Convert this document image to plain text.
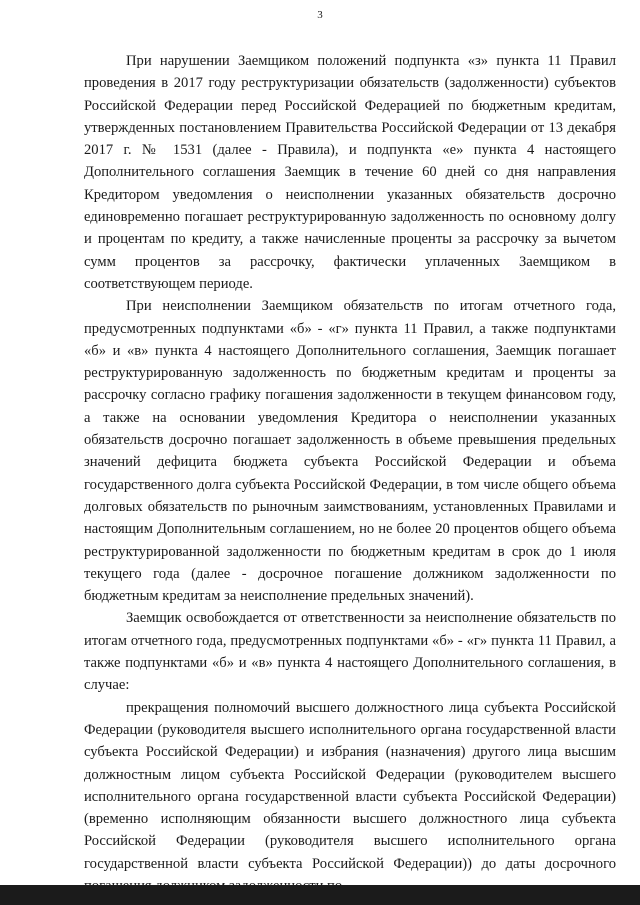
3

При нарушении Заемщиком положений подпункта «з» пункта 11 Правил проведения в 2017 году реструктуризации обязательств (задолженности) субъектов Российской Федерации перед Российской Федерацией по бюджетным кредитам, утвержденных постановлением Правительства Российской Федерации от 13 декабря 2017 г. № 1531 (далее - Правила), и подпункта «е» пункта 4 настоящего Дополнительного соглашения Заемщик в течение 60 дней со дня направления Кредитором уведомления о неисполнении указанных обязательств досрочно единовременно погашает реструктурированную задолженность по основному долгу и процентам по кредиту, а также начисленные проценты за рассрочку за вычетом сумм процентов за рассрочку, фактически уплаченных Заемщиком в соответствующем периоде.

При неисполнении Заемщиком обязательств по итогам отчетного года, предусмотренных подпунктами «б» - «г» пункта 11 Правил, а также подпунктами «б» и «в» пункта 4 настоящего Дополнительного соглашения, Заемщик погашает реструктурированную задолженность по бюджетным кредитам и проценты за рассрочку согласно графику погашения задолженности в текущем финансовом году, а также на основании уведомления Кредитора о неисполнении указанных обязательств досрочно погашает задолженность в объеме превышения предельных значений дефицита бюджета субъекта Российской Федерации и объема государственного долга субъекта Российской Федерации, в том числе общего объема долговых обязательств по рыночным заимствованиям, установленных Правилами и настоящим Дополнительным соглашением, но не более 20 процентов общего объема реструктурированной задолженности по бюджетным кредитам в срок до 1 июля текущего года (далее - досрочное погашение должником задолженности по бюджетным кредитам за неисполнение предельных значений).

Заемщик освобождается от ответственности за неисполнение обязательств по итогам отчетного года, предусмотренных подпунктами «б» - «г» пункта 11 Правил, а также подпунктами «б» и «в» пункта 4 настоящего Дополнительного соглашения, в случае:

прекращения полномочий высшего должностного лица субъекта Российской Федерации (руководителя высшего исполнительного органа государственной власти субъекта Российской Федерации) и избрания (назначения) другого лица высшим должностным лицом субъекта Российской Федерации (руководителем высшего исполнительного органа государственной власти субъекта Российской Федерации) (временно исполняющим обязанности высшего должностного лица субъекта Российской Федерации (руководителя высшего исполнительного органа государственной власти субъекта Российской Федерации)) до даты досрочного
